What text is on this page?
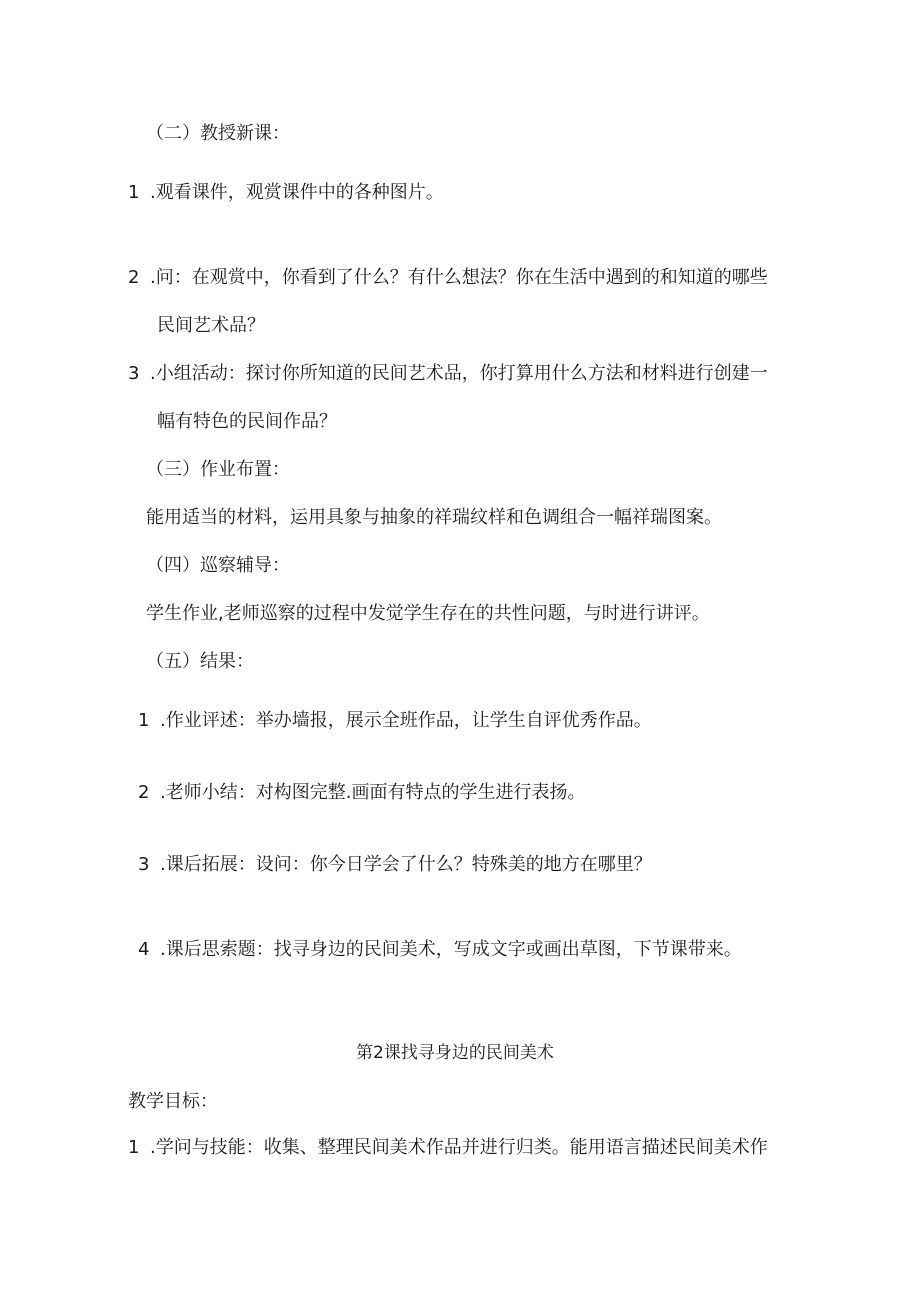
（二）教授新课：
1 .观看课件，观赏课件中的各种图片。
2 .问：在观赏中，你看到了什么？有什么想法？你在生活中遇到的和知道的哪些
民间艺术品？
3 .小组活动：探讨你所知道的民间艺术品，你打算用什么方法和材料进行创建一
幅有特色的民间作品？
（三）作业布置：
能用适当的材料，运用具象与抽象的祥瑞纹样和色调组合一幅祥瑞图案。
（四）巡察辅导：
学生作业,老师巡察的过程中发觉学生存在的共性问题，与时进行讲评。
（五）结果：
1 .作业评述：举办墙报，展示全班作品，让学生自评优秀作品。
2 .老师小结：对构图完整.画面有特点的学生进行表扬。
3 .课后拓展：设问：你今日学会了什么？特殊美的地方在哪里？
4 .课后思索题：找寻身边的民间美术，写成文字或画出草图，下节课带来。
第2课找寻身边的民间美术
教学目标：
1 .学问与技能：收集、整理民间美术作品并进行归类。能用语言描述民间美术作
